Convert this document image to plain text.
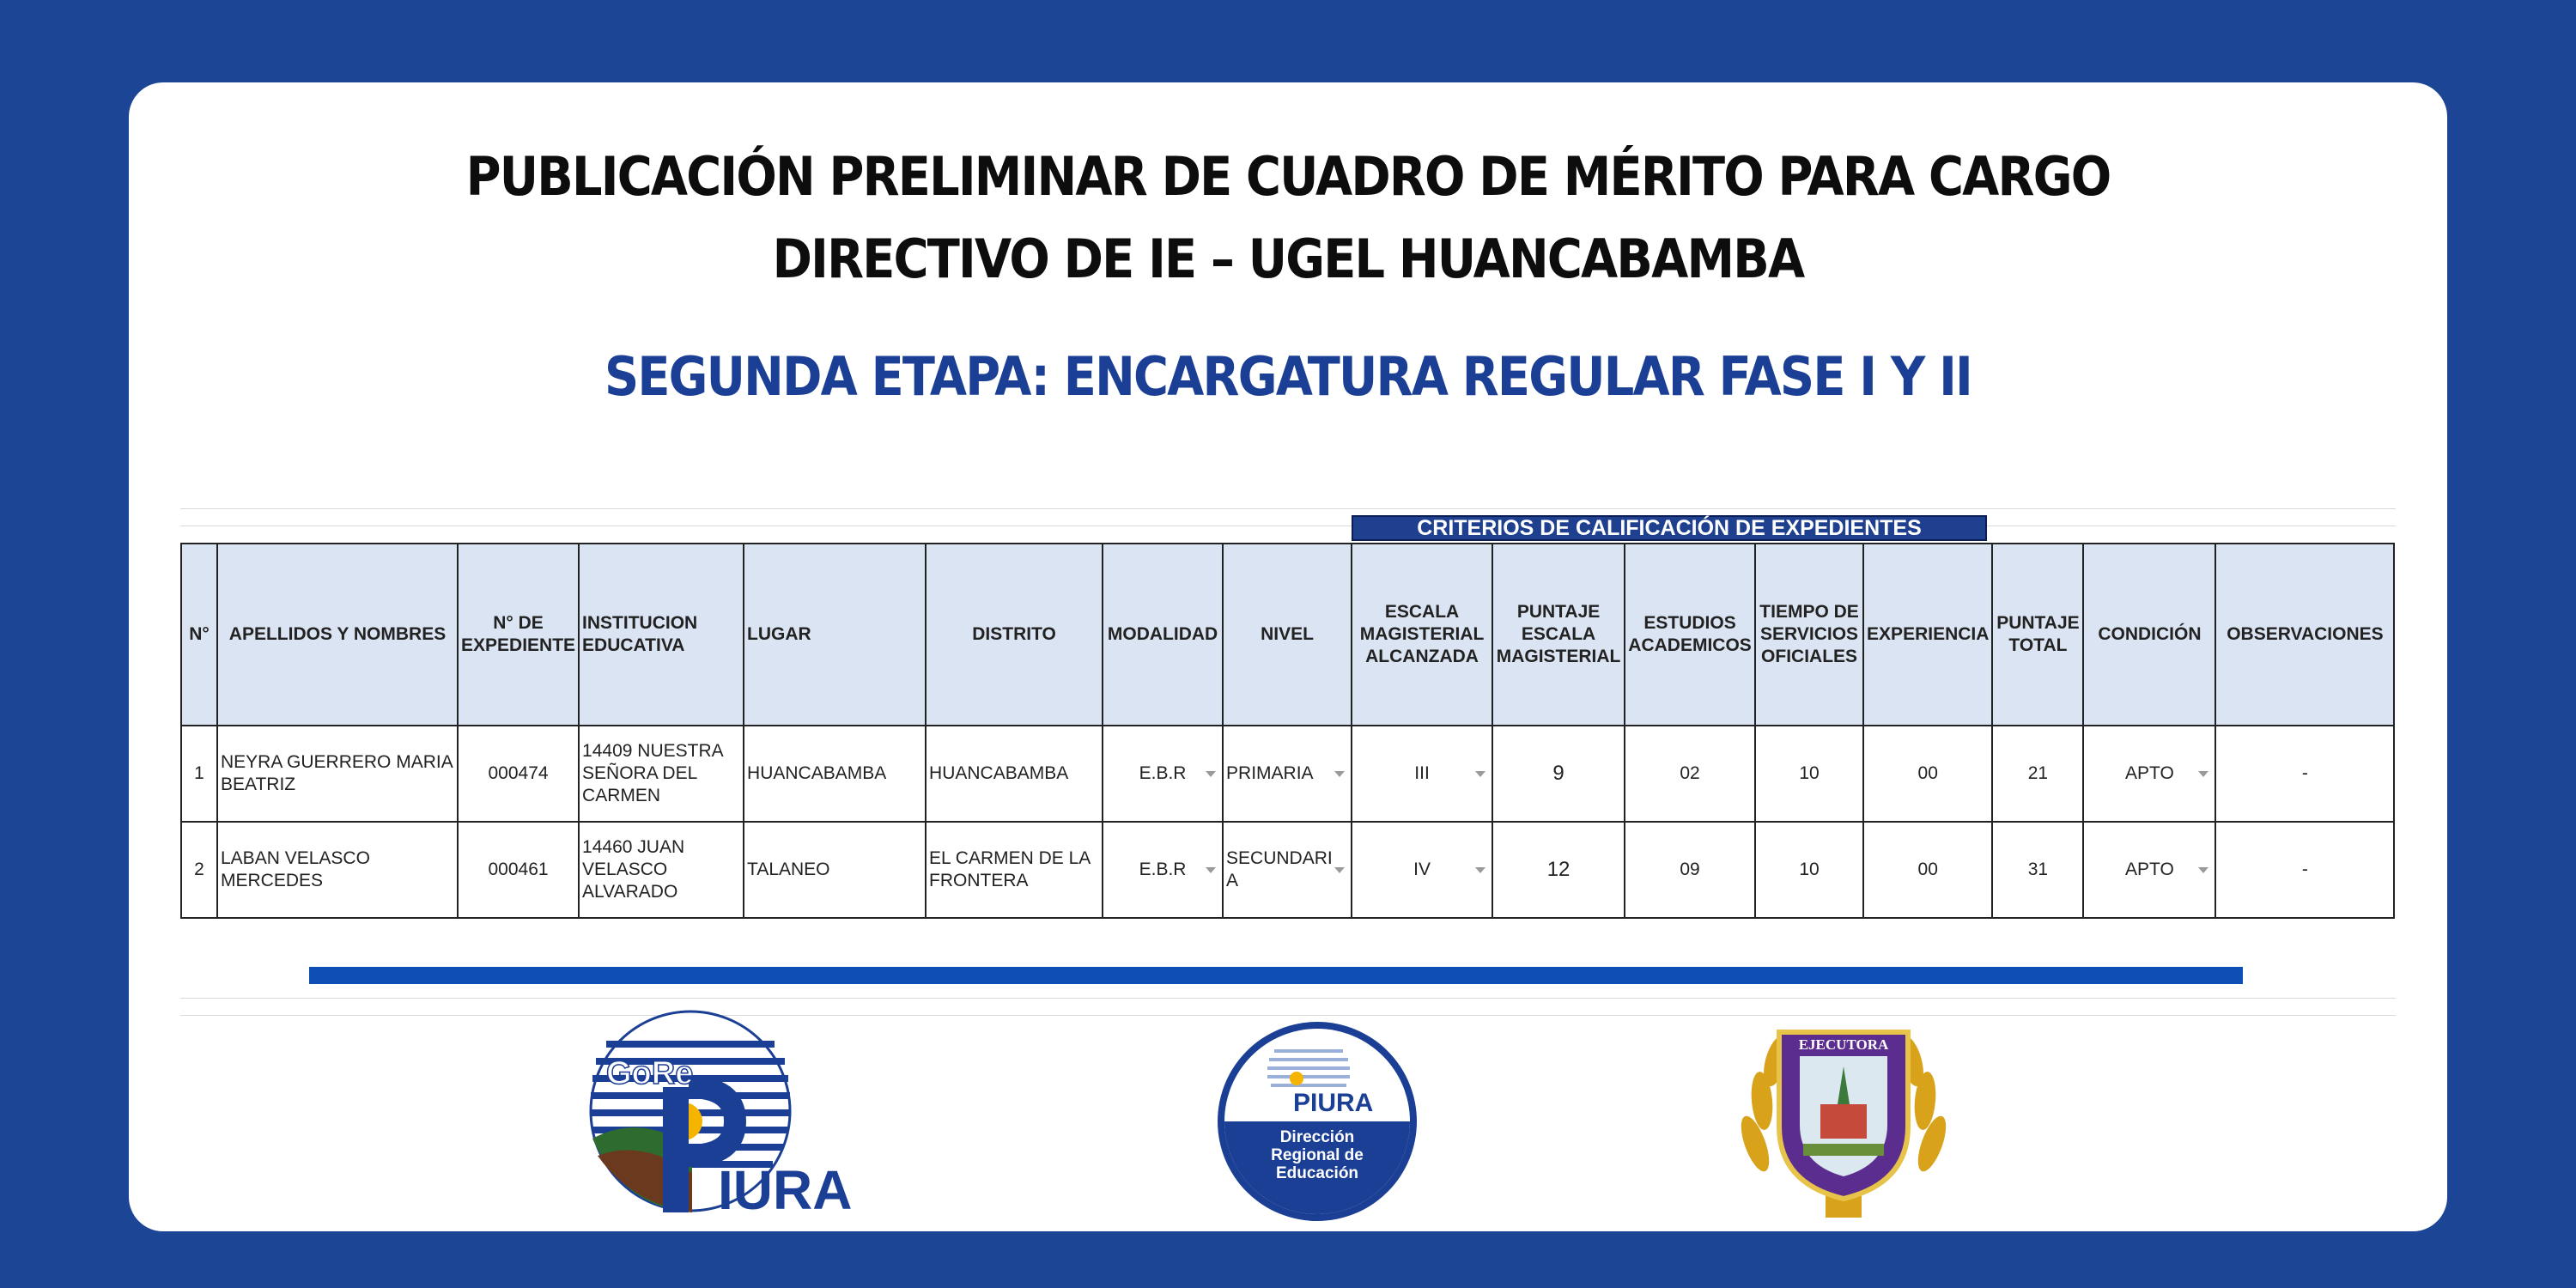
PUBLICACIÓN PRELIMINAR DE CUADRO DE MÉRITO PARA CARGO
DIRECTIVO DE IE – UGEL HUANCABAMBA
SEGUNDA ETAPA: ENCARGATURA REGULAR FASE I Y II
CRITERIOS DE CALIFICACIÓN DE EXPEDIENTES
N°	APELLIDOS Y NOMBRES	N° DE EXPEDIENTE	INSTITUCION EDUCATIVA	LUGAR	DISTRITO	MODALIDAD	NIVEL	ESCALA MAGISTERIAL ALCANZADA	PUNTAJE ESCALA MAGISTERIAL	ESTUDIOS ACADEMICOS	TIEMPO DE SERVICIOS OFICIALES	EXPERIENCIA	PUNTAJE TOTAL	CONDICIÓN	OBSERVACIONES
1	NEYRA GUERRERO MARIA BEATRIZ	000474	14409 NUESTRA SEÑORA DEL CARMEN	HUANCABAMBA	HUANCABAMBA	E.B.R	PRIMARIA	III	9	02	10	00	21	APTO	-
2	LABAN VELASCO MERCEDES	000461	14460 JUAN VELASCO ALVARADO	TALANEO	EL CARMEN DE LA FRONTERA	E.B.R	SECUNDARIA	IV	12	09	10	00	31	APTO	-
GoRe
IURA
PIURA
Dirección Regional de Educación
EJECUTORA
